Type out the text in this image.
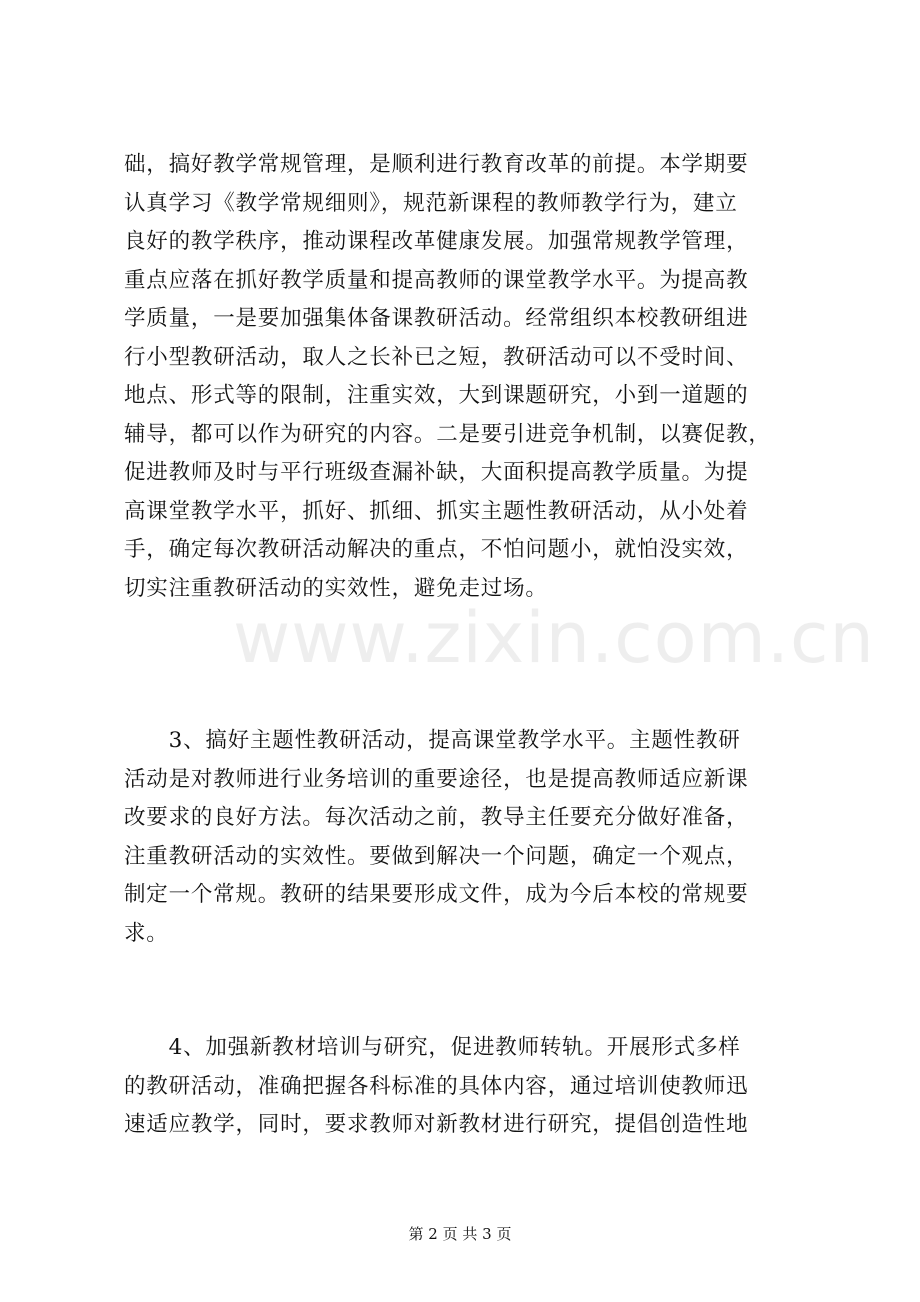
础，搞好教学常规管理，是顺利进行教育改革的前提。本学期要
认真学习《教学常规细则》，规范新课程的教师教学行为，建立
良好的教学秩序，推动课程改革健康发展。加强常规教学管理，
重点应落在抓好教学质量和提高教师的课堂教学水平。为提高教
学质量，一是要加强集体备课教研活动。经常组织本校教研组进
行小型教研活动，取人之长补已之短，教研活动可以不受时间、
地点、形式等的限制，注重实效，大到课题研究，小到一道题的
辅导，都可以作为研究的内容。二是要引进竞争机制，以赛促教，
促进教师及时与平行班级查漏补缺，大面积提高教学质量。为提
高课堂教学水平，抓好、抓细、抓实主题性教研活动，从小处着
手，确定每次教研活动解决的重点，不怕问题小，就怕没实效，
切实注重教研活动的实效性，避免走过场。
　　3、搞好主题性教研活动，提高课堂教学水平。主题性教研
活动是对教师进行业务培训的重要途径，也是提高教师适应新课
改要求的良好方法。每次活动之前，教导主任要充分做好准备，
注重教研活动的实效性。要做到解决一个问题，确定一个观点，
制定一个常规。教研的结果要形成文件，成为今后本校的常规要
求。
　　4、加强新教材培训与研究，促进教师转轨。开展形式多样
的教研活动，准确把握各科标准的具体内容，通过培训使教师迅
速适应教学，同时，要求教师对新教材进行研究，提倡创造性地
www.zixin.com.cn
第 2 页 共 3 页
